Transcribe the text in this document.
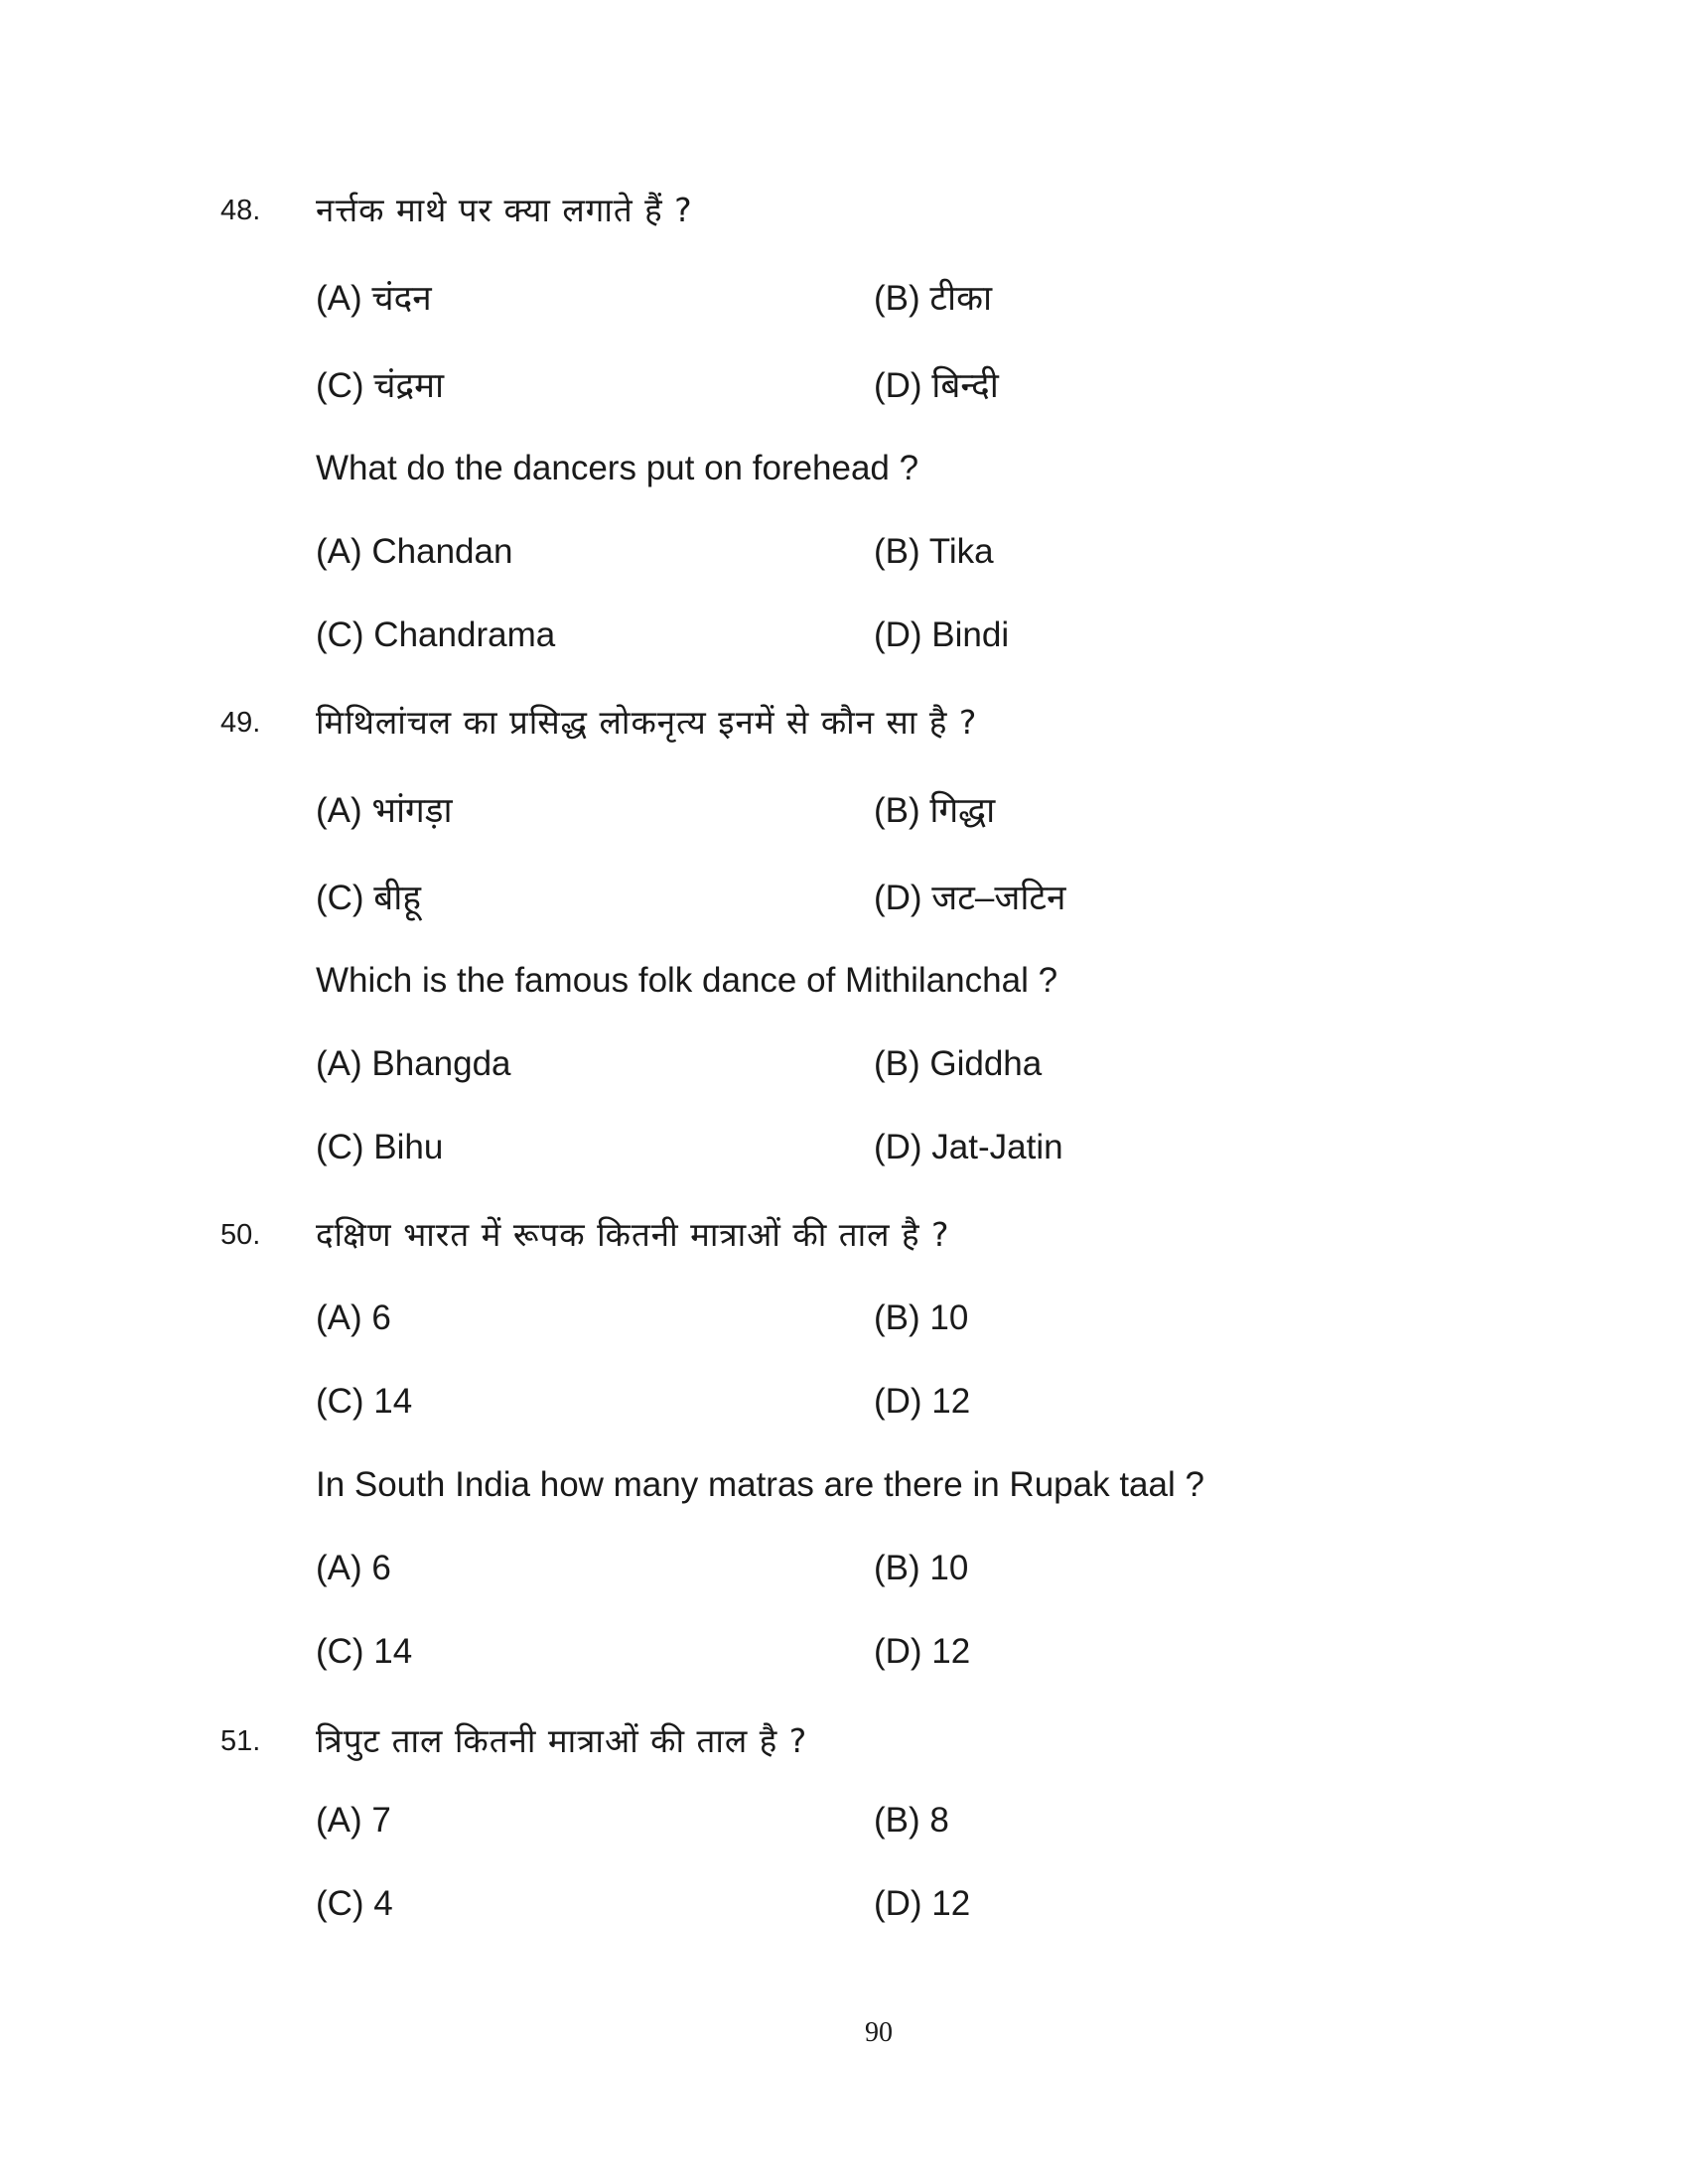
48. नर्त्तक माथे पर क्या लगाते हैं ?
(A) चंदन	(B) टीका
(C) चंद्रमा	(D) बिन्दी
What do the dancers put on forehead ?
(A) Chandan	(B) Tika
(C) Chandrama	(D) Bindi
49. मिथिलांचल का प्रसिद्ध लोकनृत्य इनमें से कौन सा है ?
(A) भांगड़ा	(B) गिद्धा
(C) बीहू	(D) जट–जटिन
Which is the famous folk dance of Mithilanchal ?
(A) Bhangda	(B) Giddha
(C) Bihu	(D) Jat-Jatin
50. दक्षिण भारत में रूपक कितनी मात्राओं की ताल है ?
(A) 6	(B) 10
(C) 14	(D) 12
In South India how many matras are there in Rupak taal ?
(A) 6	(B) 10
(C) 14	(D) 12
51. त्रिपुट ताल कितनी मात्राओं की ताल है ?
(A) 7	(B) 8
(C) 4	(D) 12
90
